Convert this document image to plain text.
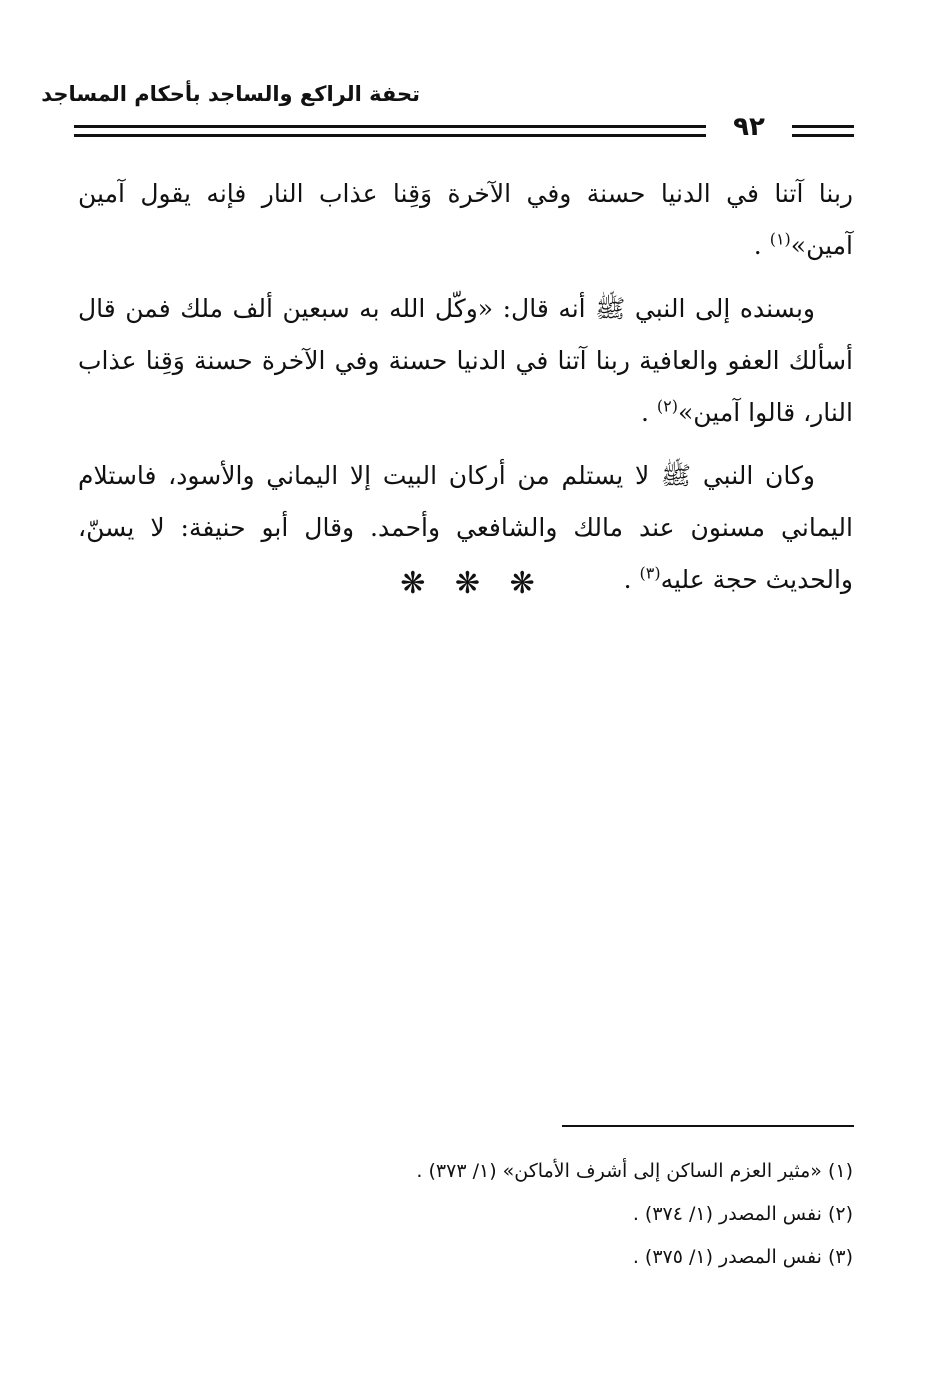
تحفة الراكع والساجد بأحكام المساجد
٩٢

ربنا آتنا في الدنيا حسنة وفي الآخرة وَقِنا عذاب النار فإنه يقول آمين آمين»$^{(١)}$ .

وبسنده إلى النبي ﷺ أنه قال: «وكّل الله به سبعين ألف ملك فمن قال أسألك العفو والعافية ربنا آتنا في الدنيا حسنة وفي الآخرة حسنة وَقِنا عذاب النار، قالوا آمين»$^{(٢)}$ .

وكان النبي ﷺ لا يستلم من أركان البيت إلا اليماني والأسود، فاستلام اليماني مسنون عند مالك والشافعي وأحمد. وقال أبو حنيفة: لا يسنّ، والحديث حجة عليه$^{(٣)}$ .

❋ ❋ ❋
(١) «مثير العزم الساكن إلى أشرف الأماكن» (١/ ٣٧٣) .
(٢) نفس المصدر (١/ ٣٧٤) .
(٣) نفس المصدر (١/ ٣٧٥) .
